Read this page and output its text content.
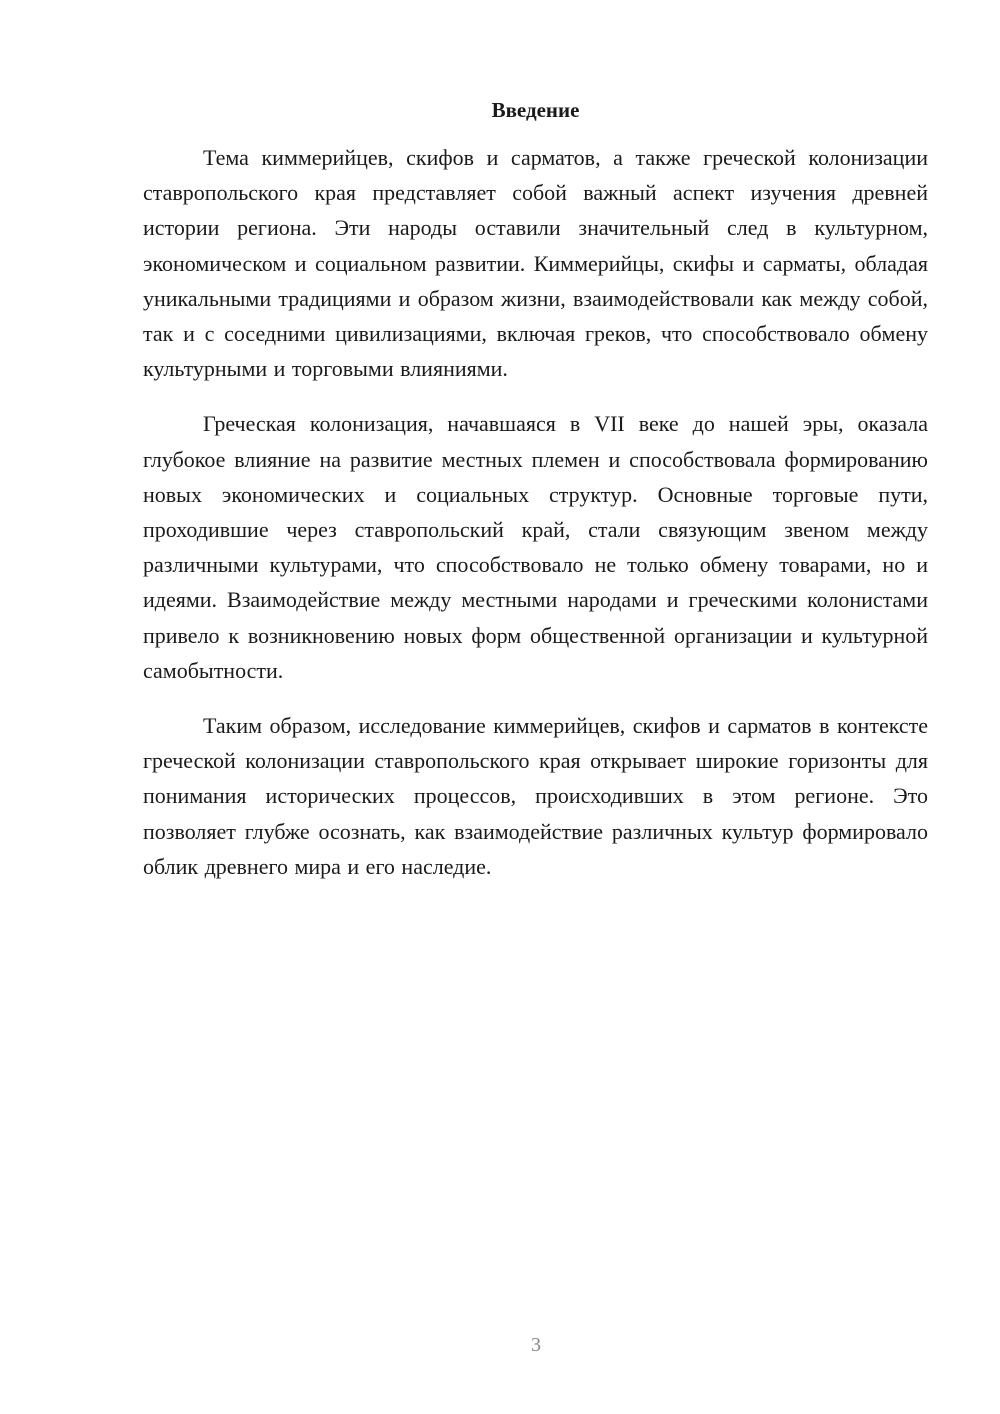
Введение

Тема киммерийцев, скифов и сарматов, а также греческой колонизации ставропольского края представляет собой важный аспект изучения древней истории региона. Эти народы оставили значительный след в культурном, экономическом и социальном развитии. Киммерийцы, скифы и сарматы, обладая уникальными традициями и образом жизни, взаимодействовали как между собой, так и с соседними цивилизациями, включая греков, что способствовало обмену культурными и торговыми влияниями.

Греческая колонизация, начавшаяся в VII веке до нашей эры, оказала глубокое влияние на развитие местных племен и способствовала формированию новых экономических и социальных структур. Основные торговые пути, проходившие через ставропольский край, стали связующим звеном между различными культурами, что способствовало не только обмену товарами, но и идеями. Взаимодействие между местными народами и греческими колонистами привело к возникновению новых форм общественной организации и культурной самобытности.

Таким образом, исследование киммерийцев, скифов и сарматов в контексте греческой колонизации ставропольского края открывает широкие горизонты для понимания исторических процессов, происходивших в этом регионе. Это позволяет глубже осознать, как взаимодействие различных культур формировало облик древнего мира и его наследие.

3
